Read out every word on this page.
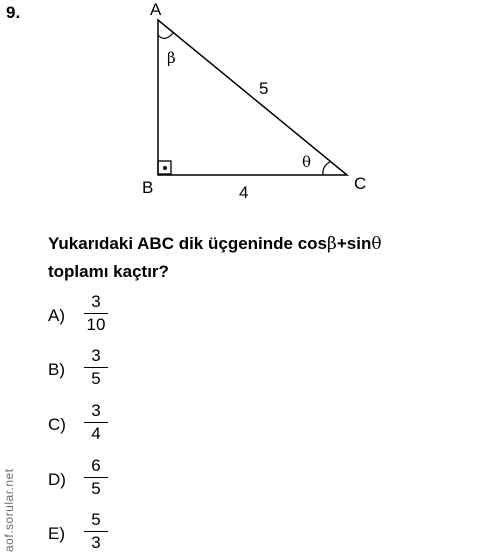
9.	A
B	C
β
θ
5
4
Yukarıdaki ABC dik üçgeninde cosβ+sinθ
toplamı kaçtır?
A)
3
10
B)
3
5
C)
3
4
D)
6
5
E)
5
3
aof.sorular.net
